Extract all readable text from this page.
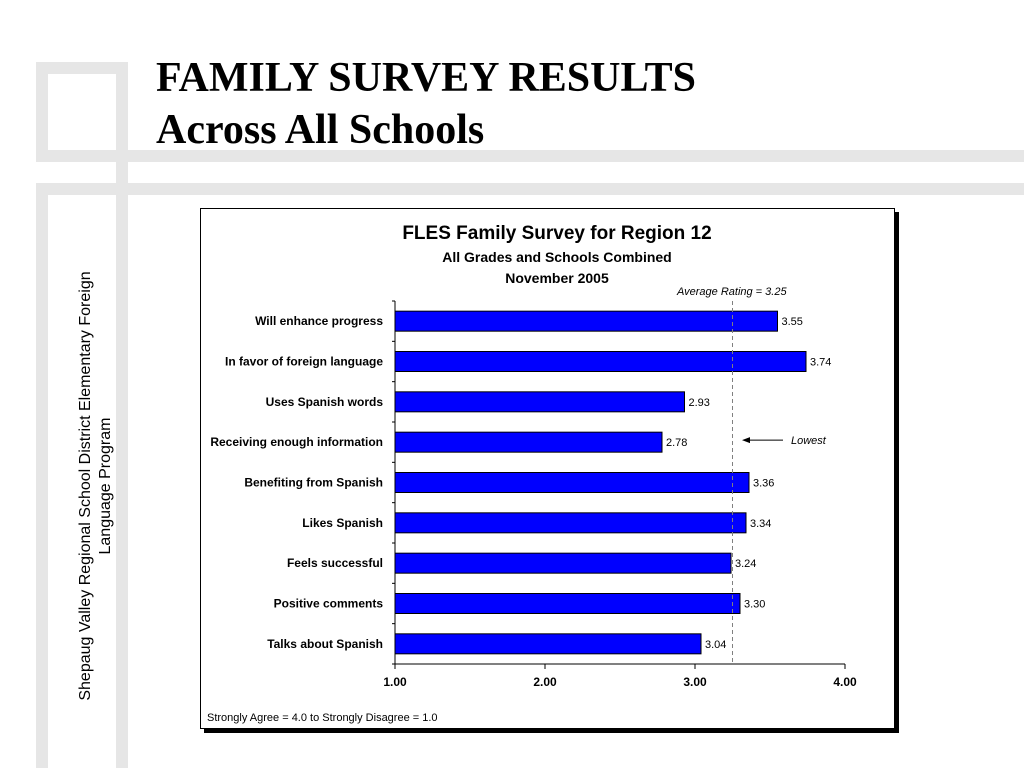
FAMILY SURVEY RESULTS
Across All Schools
Shepaug Valley Regional School District Elementary Foreign Language Program
FLES Family Survey for Region 12
All Grades and Schools Combined
November 2005
Average Rating = 3.25
Strongly Agree = 4.0 to Strongly Disagree = 1.0
1.00	2.00	3.00	4.00
Will enhance progress	3.55
In favor of foreign language	3.74
Uses Spanish words	2.93
Receiving enough information	2.78
Benefiting from Spanish	3.36
Likes Spanish	3.34
Feels successful	3.24
Positive comments	3.30
Talks about Spanish	3.04
Lowest
